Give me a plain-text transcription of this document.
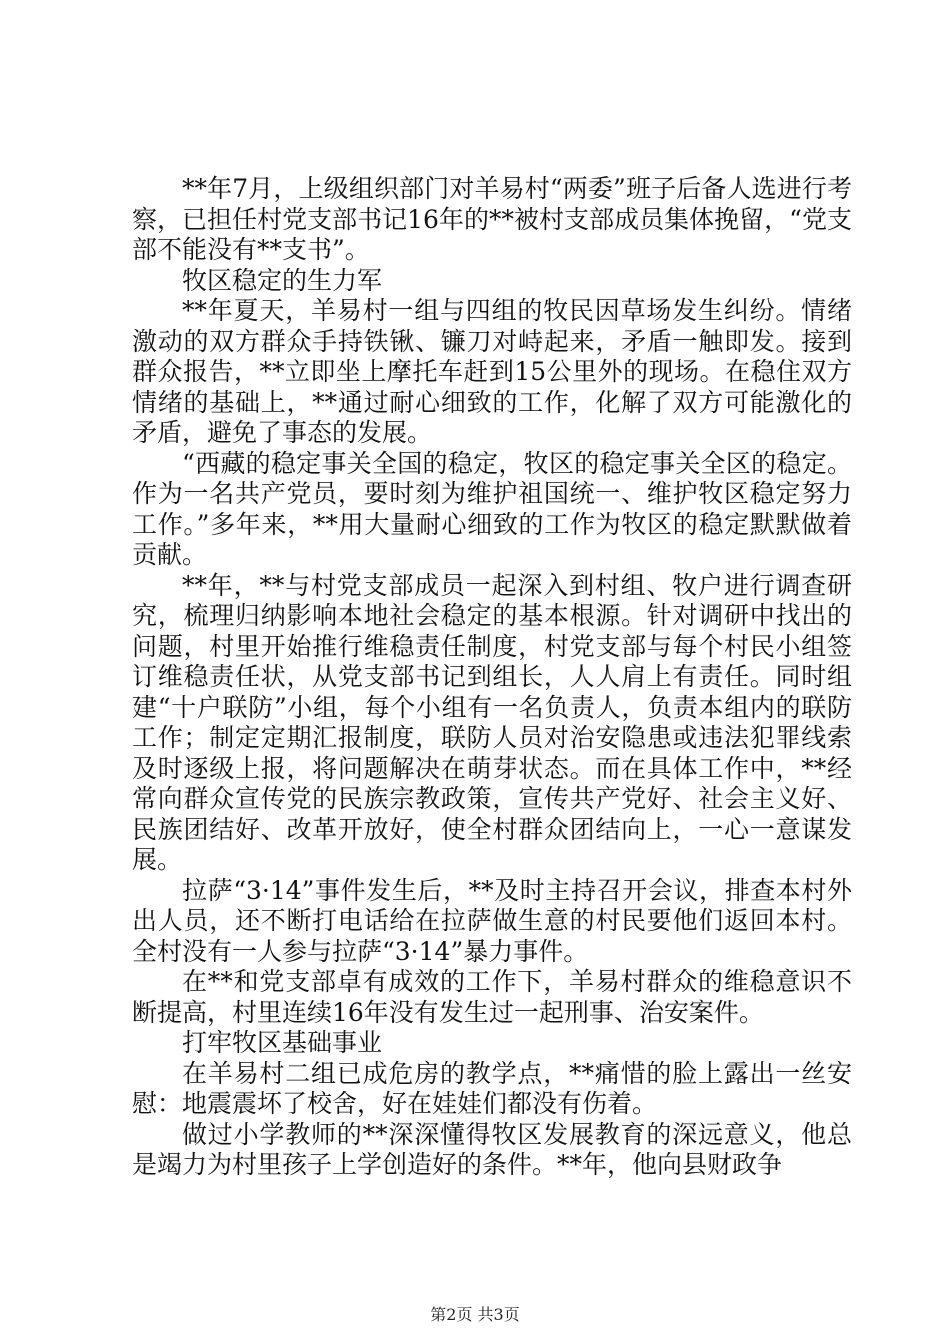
**年7月，上级组织部门对羊易村“两委”班子后备人选进行考察，已担任村党支部书记16年的**被村支部成员集体挽留，“党支部不能没有**支书”。

牧区稳定的生力军

**年夏天，羊易村一组与四组的牧民因草场发生纠纷。情绪激动的双方群众手持铁锹、镰刀对峙起来，矛盾一触即发。接到群众报告，**立即坐上摩托车赶到15公里外的现场。在稳住双方情绪的基础上，**通过耐心细致的工作，化解了双方可能激化的矛盾，避免了事态的发展。

“西藏的稳定事关全国的稳定，牧区的稳定事关全区的稳定。作为一名共产党员，要时刻为维护祖国统一、维护牧区稳定努力工作。”多年来，**用大量耐心细致的工作为牧区的稳定默默做着贡献。

**年，**与村党支部成员一起深入到村组、牧户进行调查研究，梳理归纳影响本地社会稳定的基本根源。针对调研中找出的问题，村里开始推行维稳责任制度，村党支部与每个村民小组签订维稳责任状，从党支部书记到组长，人人肩上有责任。同时组建“十户联防”小组，每个小组有一名负责人，负责本组内的联防工作；制定定期汇报制度，联防人员对治安隐患或违法犯罪线索及时逐级上报，将问题解决在萌芽状态。而在具体工作中，**经常向群众宣传党的民族宗教政策，宣传共产党好、社会主义好、民族团结好、改革开放好，使全村群众团结向上，一心一意谋发展。

拉萨“3·14”事件发生后，**及时主持召开会议，排查本村外出人员，还不断打电话给在拉萨做生意的村民要他们返回本村。全村没有一人参与拉萨“3·14”暴力事件。

在**和党支部卓有成效的工作下，羊易村群众的维稳意识不断提高，村里连续16年没有发生过一起刑事、治安案件。

打牢牧区基础事业

在羊易村二组已成危房的教学点，**痛惜的脸上露出一丝安慰：地震震坏了校舍，好在娃娃们都没有伤着。

做过小学教师的**深深懂得牧区发展教育的深远意义，他总是竭力为村里孩子上学创造好的条件。**年，他向县财政争

第2页 共3页
